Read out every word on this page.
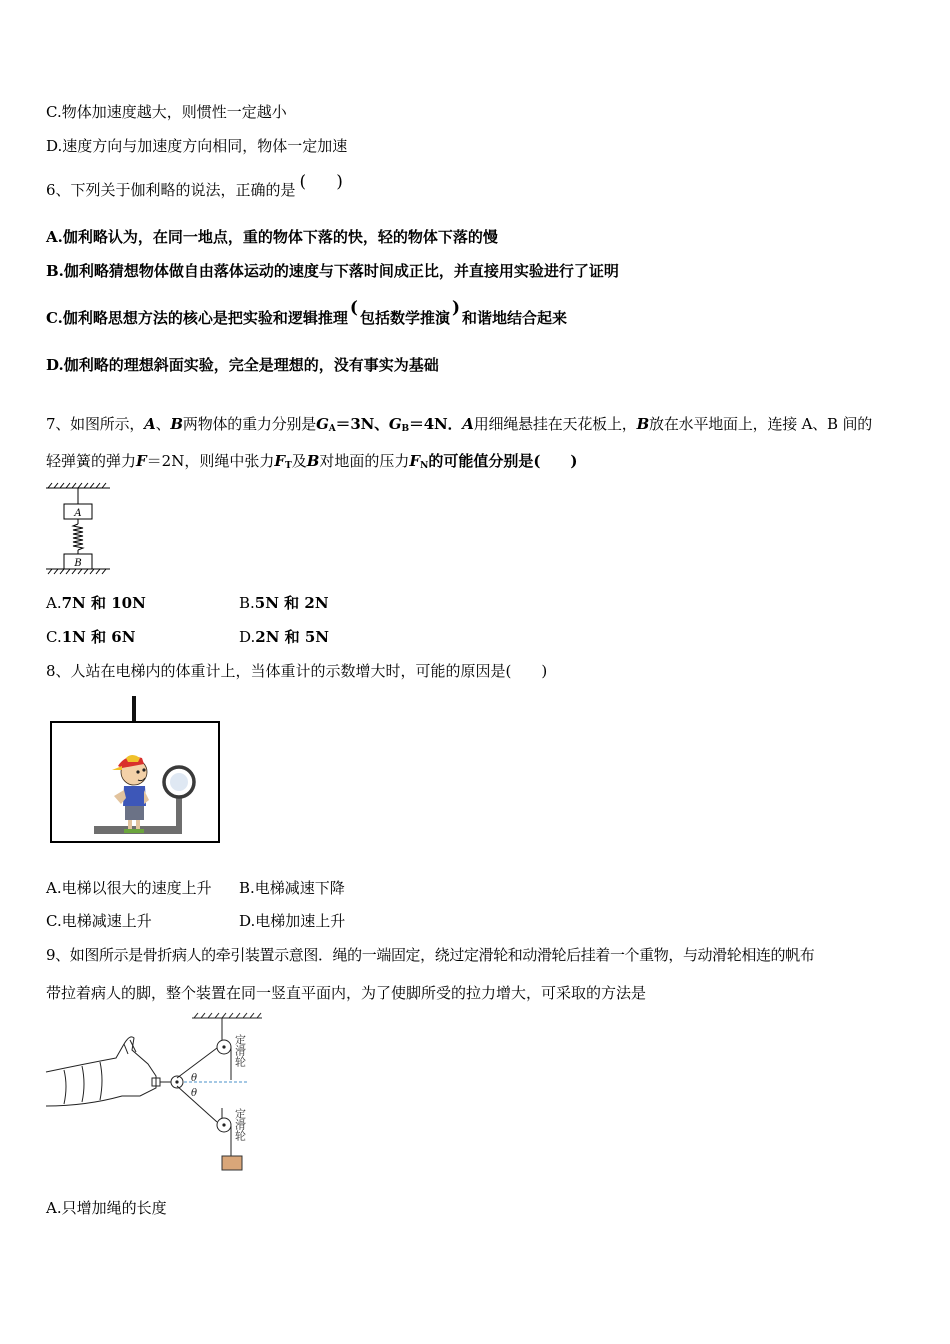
C.物体加速度越大，则惯性一定越小
D.速度方向与加速度方向相同，物体一定加速
6、下列关于伽利略的说法，正确的是 ( )
A.伽利略认为，在同一地点，重的物体下落的快，轻的物体下落的慢
B.伽利略猜想物体做自由落体运动的速度与下落时间成正比，并直接用实验进行了证明
C.伽利略思想方法的核心是把实验和逻辑推理 ( 包括数学推演 ) 和谐地结合起来
D.伽利略的理想斜面实验，完全是理想的，没有事实为基础
7、如图所示，A、B两物体的重力分别是$G_A=3N$、$G_B=4N$．A用细绳悬挂在天花板上，B放在水平地面上，连接 A、B 间的
轻弹簧的弹力F＝2N，则绳中张力$F_T$及B对地面的压力$F_N$的可能值分别是(　　)
A
B
A.7N 和 10N	B.5N 和 2N
C.1N 和 6N	D.2N 和 5N
8、人站在电梯内的体重计上，当体重计的示数增大时，可能的原因是(　　)
A.电梯以很大的速度上升 B.电梯减速下降
C.电梯减速上升	D.电梯加速上升
9、如图所示是骨折病人的牵引装置示意图．绳的一端固定，绕过定滑轮和动滑轮后挂着一个重物，与动滑轮相连的帆布
带拉着病人的脚，整个装置在同一竖直平面内，为了使脚所受的拉力增大，可采取的方法是
θ
θ
定滑轮
定滑轮
A.只增加绳的长度
